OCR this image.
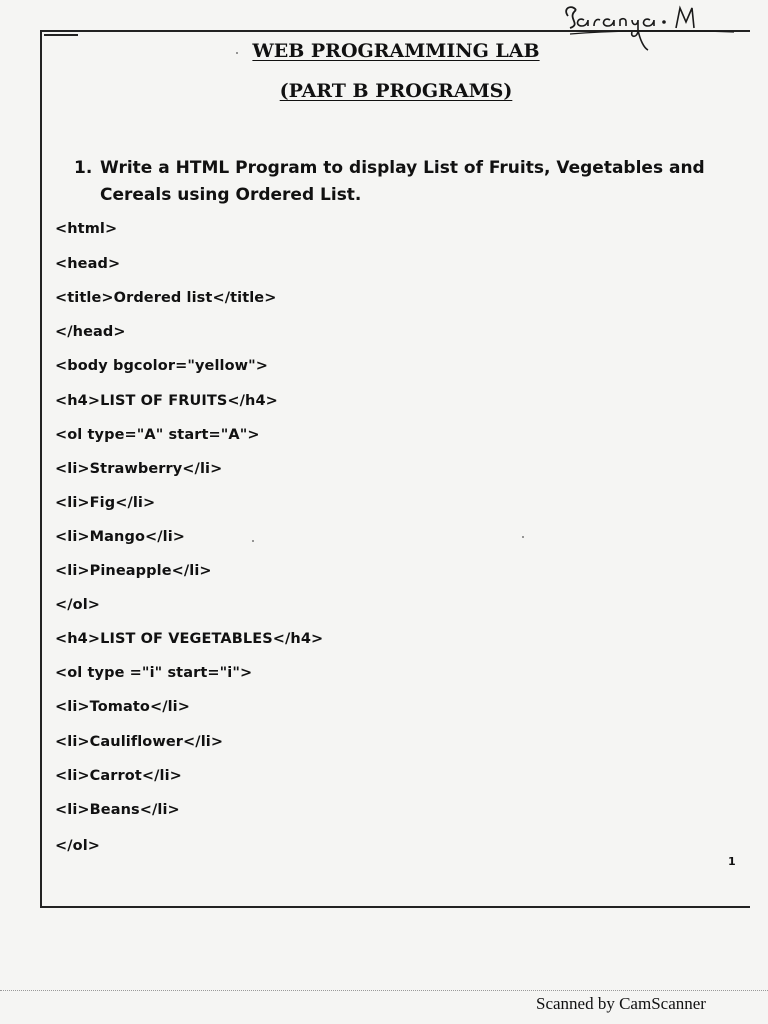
WEB PROGRAMMING LAB
(PART B PROGRAMS)
1. Write a HTML Program to display List of Fruits, Vegetables and Cereals using Ordered List.
<html>
<head>
<title>Ordered list</title>
</head>
<body bgcolor="yellow">
<h4>LIST OF FRUITS</h4>
<ol type="A" start="A">
<li>Strawberry</li>
<li>Fig</li>
<li>Mango</li>
<li>Pineapple</li>
</ol>
<h4>LIST OF VEGETABLES</h4>
<ol type ="i" start="i">
<li>Tomato</li>
<li>Cauliflower</li>
<li>Carrot</li>
<li>Beans</li>
</ol>
1
Scanned by CamScanner
